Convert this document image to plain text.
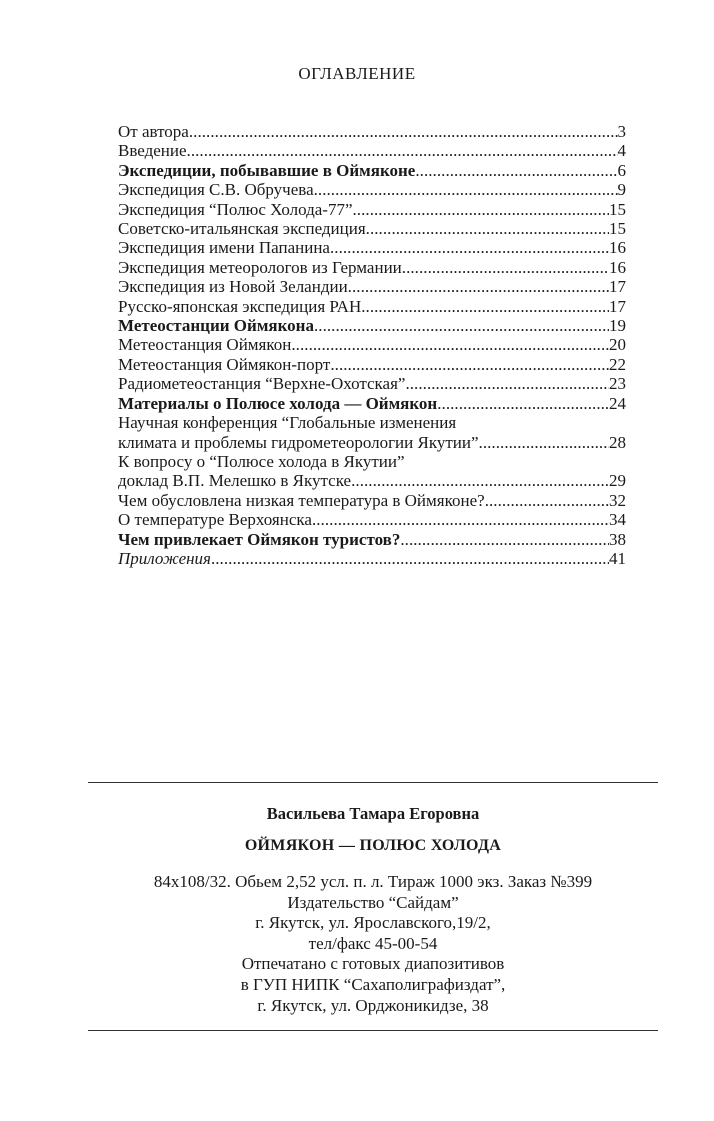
ОГЛАВЛЕНИЕ
От автора . . .	3
Введение . . .	4
Экспедиции, побывавшие в Оймяконе . . .	6
Экспедиция С.В. Обручева . . .	9
Экспедиция “Полюс Холода-77” . . .	15
Советско-итальянская экспедиция . . .	15
Экспедиция имени Папанина . . .	16
Экспедиция метеорологов из Германии . . .	16
Экспедиция из Новой Зеландии . . .	17
Русско-японская экспедиция РАН . . .	17
Метеостанции Оймякона . . .	19
Метеостанция Оймякон . . .	20
Метеостанция Оймякон-порт . . .	22
Радиометеостанция “Верхне-Охотская” . . .	23
Материалы о Полюсе холода — Оймякон . . .	24
Научная конференция “Глобальные изменения
климата и проблемы гидрометеорологии Якутии” . . .	28
К вопросу о “Полюсе холода в Якутии”
доклад В.П. Мелешко в Якутске . . .	29
Чем обусловлена низкая температура в Оймяконе? . . .	32
О температуре Верхоянска . . .	34
Чем привлекает Оймякон туристов? . . .	38
Приложения . . .	41
Васильева Тамара Егоровна
ОЙМЯКОН — ПОЛЮС ХОЛОДА
84х108/32. Обьем 2,52 усл. п. л. Тираж 1000 экз. Заказ №399
Издательство “Сайдам”
г. Якутск, ул. Ярославского,19/2,
тел/факс 45-00-54
Отпечатано с готовых диапозитивов
в ГУП НИПК “Сахаполиграфиздат”,
г. Якутск, ул. Орджоникидзе, 38
